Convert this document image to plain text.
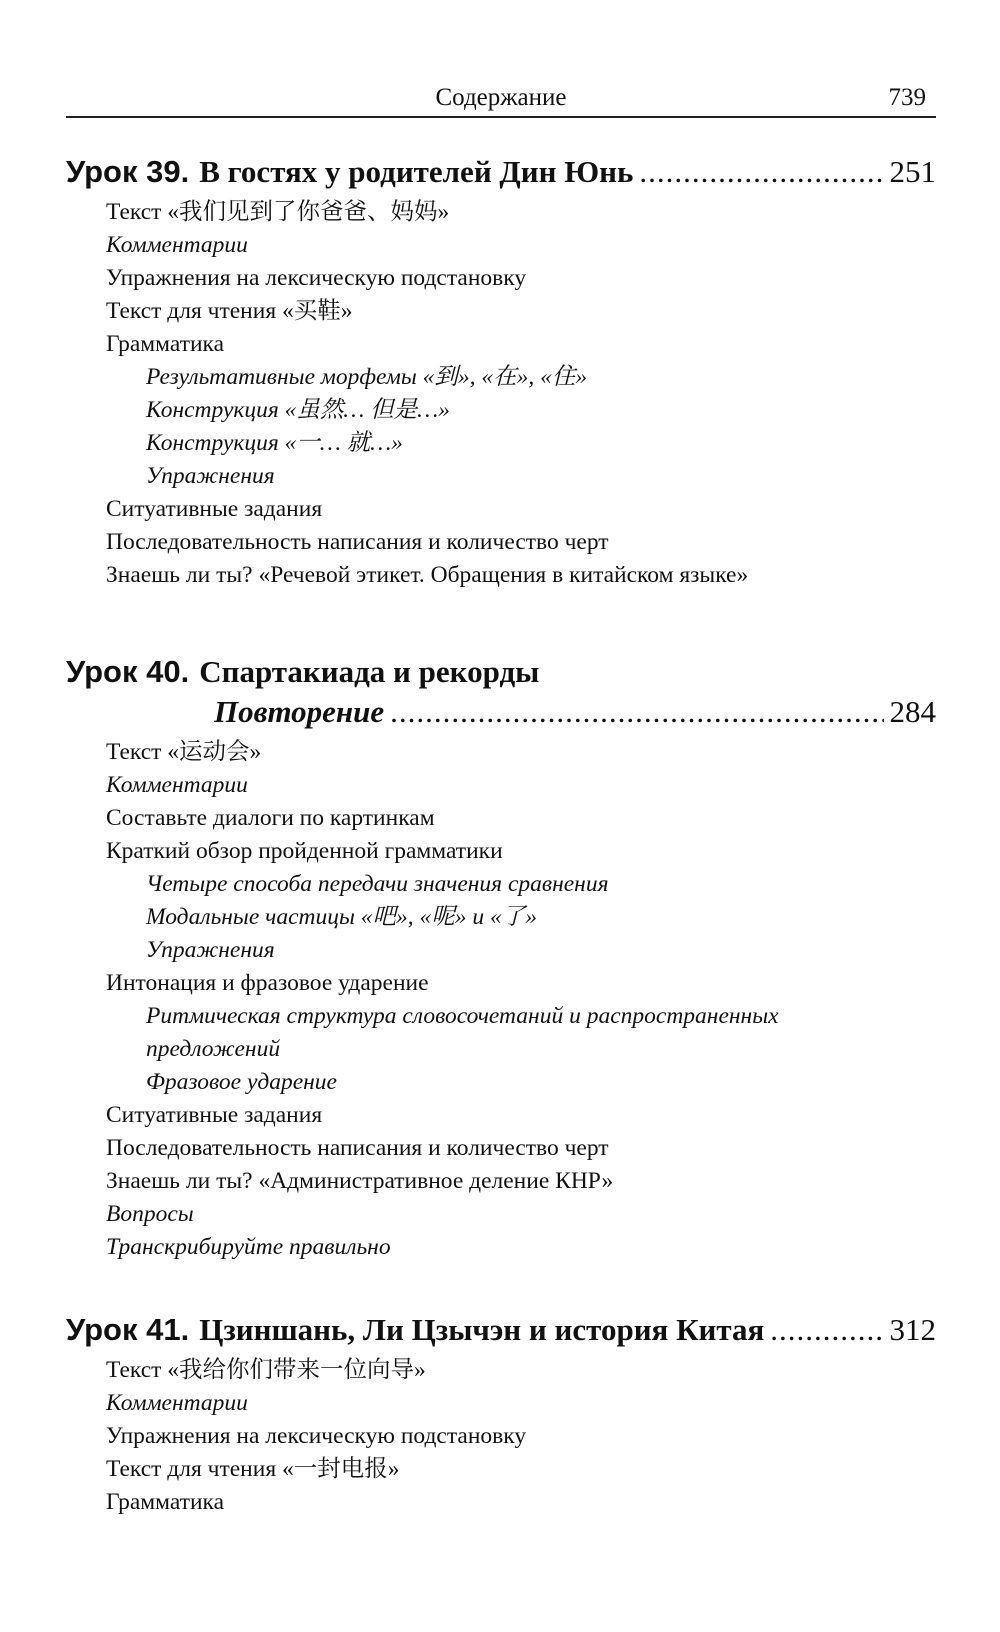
Содержание	739
Урок 39. В гостях у родителей Дин Юнь .....	251
Текст «我们见到了你爸爸、妈妈»
Комментарии
Упражнения на лексическую подстановку
Текст для чтения «买鞋»
Грамматика
Результативные морфемы «到», «在», «住»
Конструкция «虽然… 但是…»
Конструкция «一… 就…»
Упражнения
Ситуативные задания
Последовательность написания и количество черт
Знаешь ли ты? «Речевой этикет. Обращения в китайском языке»
Урок 40. Спартакиада и рекорды
Повторение .....	284
Текст «运动会»
Комментарии
Составьте диалоги по картинкам
Краткий обзор пройденной грамматики
Четыре способа передачи значения сравнения
Модальные частицы «吧», «呢» и «了»
Упражнения
Интонация и фразовое ударение
Ритмическая структура словосочетаний и распространенных предложений
Фразовое ударение
Ситуативные задания
Последовательность написания и количество черт
Знаешь ли ты? «Административное деление КНР»
Вопросы
Транскрибируйте правильно
Урок 41. Цзиншань, Ли Цзычэн и история Китая .....	312
Текст «我给你们带来一位向导»
Комментарии
Упражнения на лексическую подстановку
Текст для чтения «一封电报»
Грамматика
